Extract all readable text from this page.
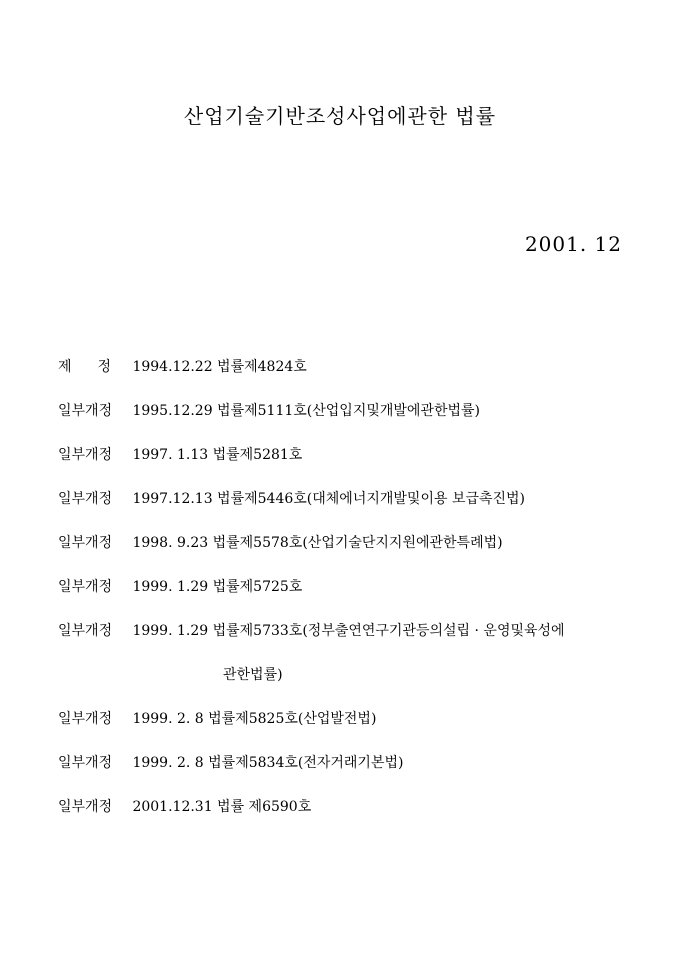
산업기술기반조성사업에관한 법률
2001. 12
제정 1994.12.22 법률제4824호
일부개정 1995.12.29 법률제5111호(산업입지및개발에관한법률)
일부개정 1997. 1.13 법률제5281호
일부개정 1997.12.13 법률제5446호(대체에너지개발및이용 보급촉진법)
일부개정 1998. 9.23 법률제5578호(산업기술단지지원에관한특례법)
일부개정 1999. 1.29 법률제5725호
일부개정 1999. 1.29 법률제5733호(정부출연연구기관등의설립 · 운영및육성에
관한법률)
일부개정 1999. 2. 8 법률제5825호(산업발전법)
일부개정 1999. 2. 8 법률제5834호(전자거래기본법)
일부개정 2001.12.31 법률 제6590호
